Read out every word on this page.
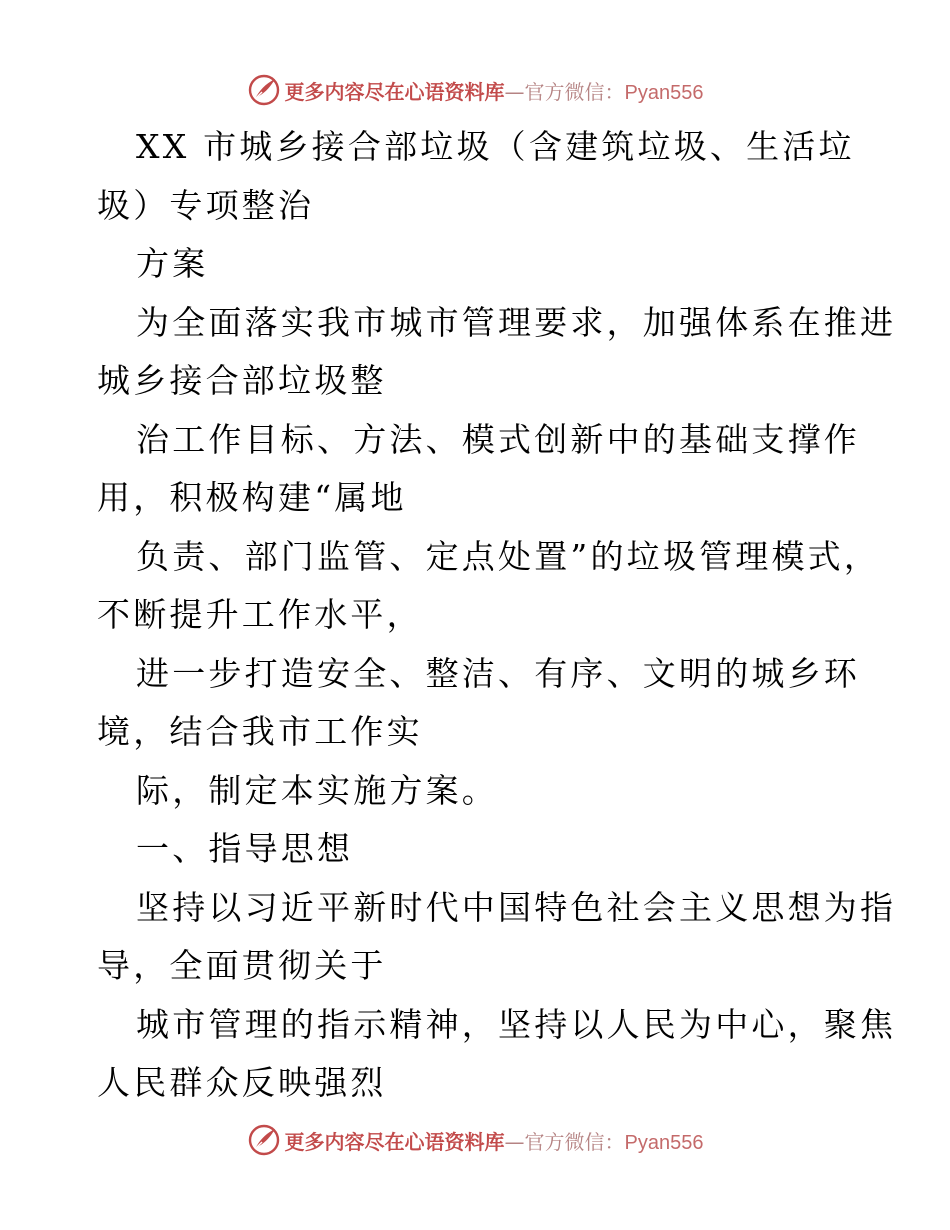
更多内容尽在心语资料库—官方微信：Pyan556

XX 市城乡接合部垃圾（含建筑垃圾、生活垃

圾）专项整治

方案

为全面落实我市城市管理要求，加强体系在推进

城乡接合部垃圾整

治工作目标、方法、模式创新中的基础支撑作

用，积极构建“属地

负责、部门监管、定点处置”的垃圾管理模式，

不断提升工作水平，

进一步打造安全、整洁、有序、文明的城乡环

境，结合我市工作实

际，制定本实施方案。

一、指导思想

坚持以习近平新时代中国特色社会主义思想为指

导，全面贯彻关于

城市管理的指示精神，坚持以人民为中心，聚焦

人民群众反映强烈

更多内容尽在心语资料库—官方微信：Pyan556
